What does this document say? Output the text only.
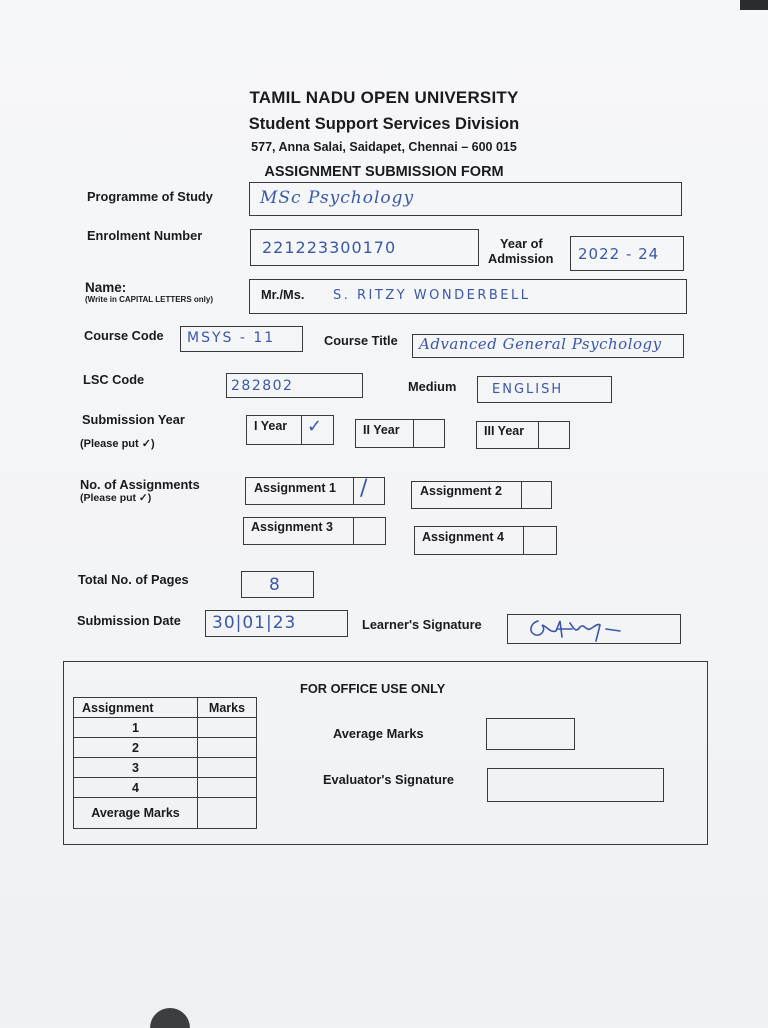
TAMIL NADU OPEN UNIVERSITY
Student Support Services Division
577, Anna Salai, Saidapet, Chennai – 600 015
ASSIGNMENT SUBMISSION FORM
Programme of Study	MSc Psychology
Enrolment Number
221223300170	Year of
Admission 2022 - 24
Name:
(Write in CAPITAL LETTERS only)	Mr./Ms. S. RITZY WONDERBELL
Course Code MSYS - 11	Course Title Advanced General Psychology
LSC Code	282802	Medium	ENGLISH
Submission Year
(Please put ✓)
I Year ✓	II Year	III Year
No. of Assignments
(Please put ✓)
Assignment 1 /	Assignment 2
Assignment 3
Assignment 4
Total No. of Pages	8
Submission Date 30|01|23	Learner's Signature
FOR OFFICE USE ONLY
Assignment	Marks
1	
2	
3	
4	
Average Marks	
Average Marks
Evaluator's Signature
